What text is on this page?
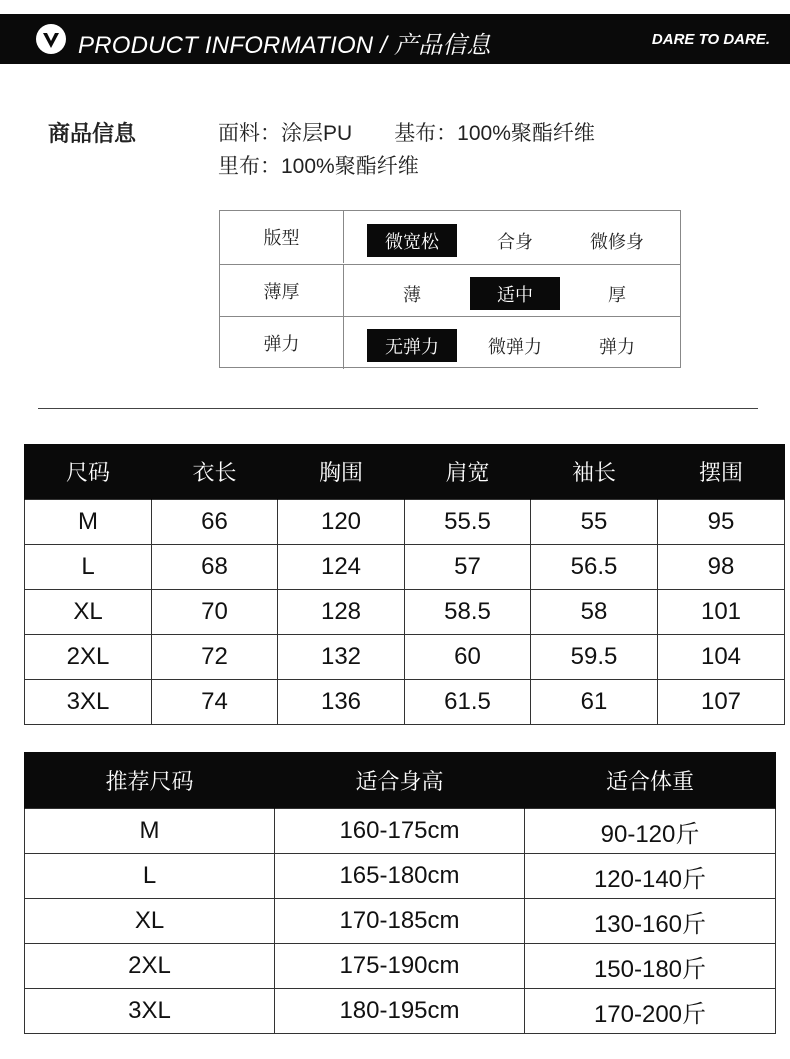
PRODUCT INFORMATION / 产品信息	DARE TO DARE.
商品信息	面料：涂层PU 基布：100%聚酯纤维
里布：100%聚酯纤维
版型	微宽松	合身	微修身
薄厚	薄	适中	厚
弹力	无弹力	微弹力	弹力
尺码	衣长	胸围	肩宽	袖长	摆围
M	66	120	55.5	55	95
L	68	124	57	56.5	98
XL	70	128	58.5	58	101
2XL	72	132	60	59.5	104
3XL	74	136	61.5	61	107
推荐尺码	适合身高	适合体重
M	160-175cm	90-120斤
L	165-180cm	120-140斤
XL	170-185cm	130-160斤
2XL	175-190cm	150-180斤
3XL	180-195cm	170-200斤
